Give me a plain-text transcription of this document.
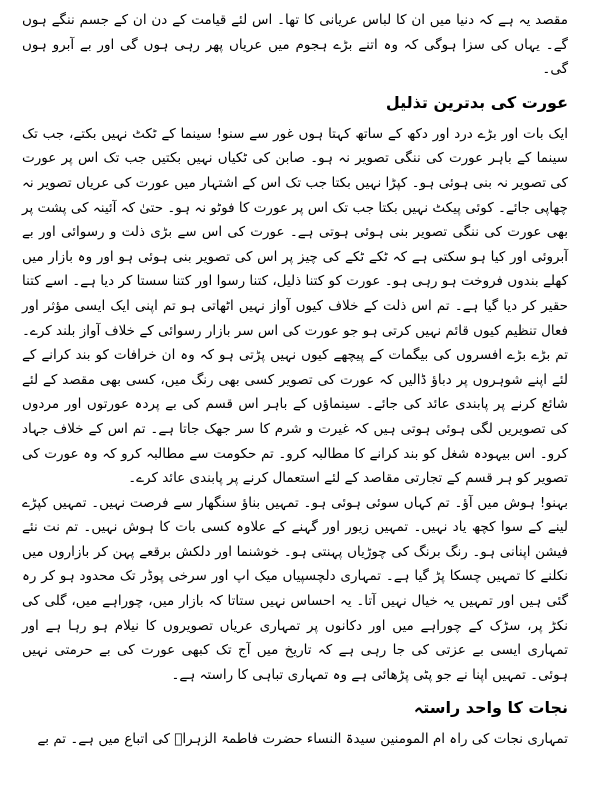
مقصد یہ ہے کہ دنیا میں ان کا لباس عریانی کا تھا۔ اس لئے قیامت کے دن ان کے جسم ننگے ہوں گے۔ یہاں کی سزا ہوگی کہ وہ اتنے بڑے ہجوم میں عریاں پھر رہی ہوں گی اور بے آبرو ہوں گی۔

عورت کی بدترین تذلیل

ایک بات اور بڑے درد اور دکھ کے ساتھ کہتا ہوں غور سے سنو! سینما کے ٹکٹ نہیں بکتے، جب تک سینما کے باہر عورت کی ننگی تصویر نہ ہو۔ صابن کی ٹکیاں نہیں بکتیں جب تک اس پر عورت کی تصویر نہ بنی ہوئی ہو۔ کپڑا نہیں بکتا جب تک اس کے اشتہار میں عورت کی عریاں تصویر نہ چھاپی جائے۔ کوئی پیکٹ نہیں بکتا جب تک اس پر عورت کا فوٹو نہ ہو۔ حتیٰ کہ آئینہ کی پشت پر بھی عورت کی ننگی تصویر بنی ہوئی ہوتی ہے۔ عورت کی اس سے بڑی ذلت و رسوائی اور بے آبروئی اور کیا ہو سکتی ہے کہ ٹکے ٹکے کی چیز پر اس کی تصویر بنی ہوئی ہو اور وہ بازار میں کھلے بندوں فروخت ہو رہی ہو۔ عورت کو کتنا ذلیل، کتنا رسوا اور کتنا سستا کر دیا ہے۔ اسے کتنا حقیر کر دیا گیا ہے۔ تم اس ذلت کے خلاف کیوں آواز نہیں اٹھاتی ہو تم اپنی ایک ایسی مؤثر اور فعال تنظیم کیوں قائم نہیں کرتی ہو جو عورت کی اس سر بازار رسوائی کے خلاف آواز بلند کرے۔ تم بڑے بڑے افسروں کی بیگمات کے پیچھے کیوں نہیں پڑتی ہو کہ وہ ان خرافات کو بند کرانے کے لئے اپنے شوہروں پر دباؤ ڈالیں کہ عورت کی تصویر کسی بھی رنگ میں، کسی بھی مقصد کے لئے شائع کرنے پر پابندی عائد کی جائے۔ سینماؤں کے باہر اس قسم کی بے پردہ عورتوں اور مردوں کی تصویریں لگی ہوئی ہوتی ہیں کہ غیرت و شرم کا سر جھک جاتا ہے۔ تم اس کے خلاف جہاد کرو۔ اس بیہودہ شغل کو بند کرانے کا مطالبہ کرو۔ تم حکومت سے مطالبہ کرو کہ وہ عورت کی تصویر کو ہر قسم کے تجارتی مقاصد کے لئے استعمال کرنے پر پابندی عائد کرے۔

بہنو! ہوش میں آؤ۔ تم کہاں سوئی ہوئی ہو۔ تمہیں بناؤ سنگھار سے فرصت نہیں۔ تمہیں کپڑے لینے کے سوا کچھ یاد نہیں۔ تمہیں زیور اور گہنے کے علاوہ کسی بات کا ہوش نہیں۔ تم نت نئے فیشن اپنانی ہو۔ رنگ برنگ کی چوڑیاں پہنتی ہو۔ خوشنما اور دلکش برقعے پہن کر بازاروں میں نکلنے کا تمہیں چسکا پڑ گیا ہے۔ تمہاری دلچسپیاں میک اپ اور سرخی پوڈر تک محدود ہو کر رہ گئی ہیں اور تمہیں یہ خیال نہیں آتا۔ یہ احساس نہیں ستاتا کہ بازار میں، چوراہے میں، گلی کی نکڑ پر، سڑک کے چوراہے میں اور دکانوں پر تمہاری عریاں تصویروں کا نیلام ہو رہا ہے اور تمہاری ایسی بے عزتی کی جا رہی ہے کہ تاریخ میں آج تک کبھی عورت کی بے حرمتی نہیں ہوئی۔ تمہیں اپنا نے جو پٹی پڑھائی ہے وہ تمہاری تباہی کا راستہ ہے۔

نجات کا واحد راستہ

تمہاری نجات کی راہ ام المومنین سیدۃ النساء حضرت فاطمۃ الزہراؑ کی اتباع میں ہے۔ تم بے
